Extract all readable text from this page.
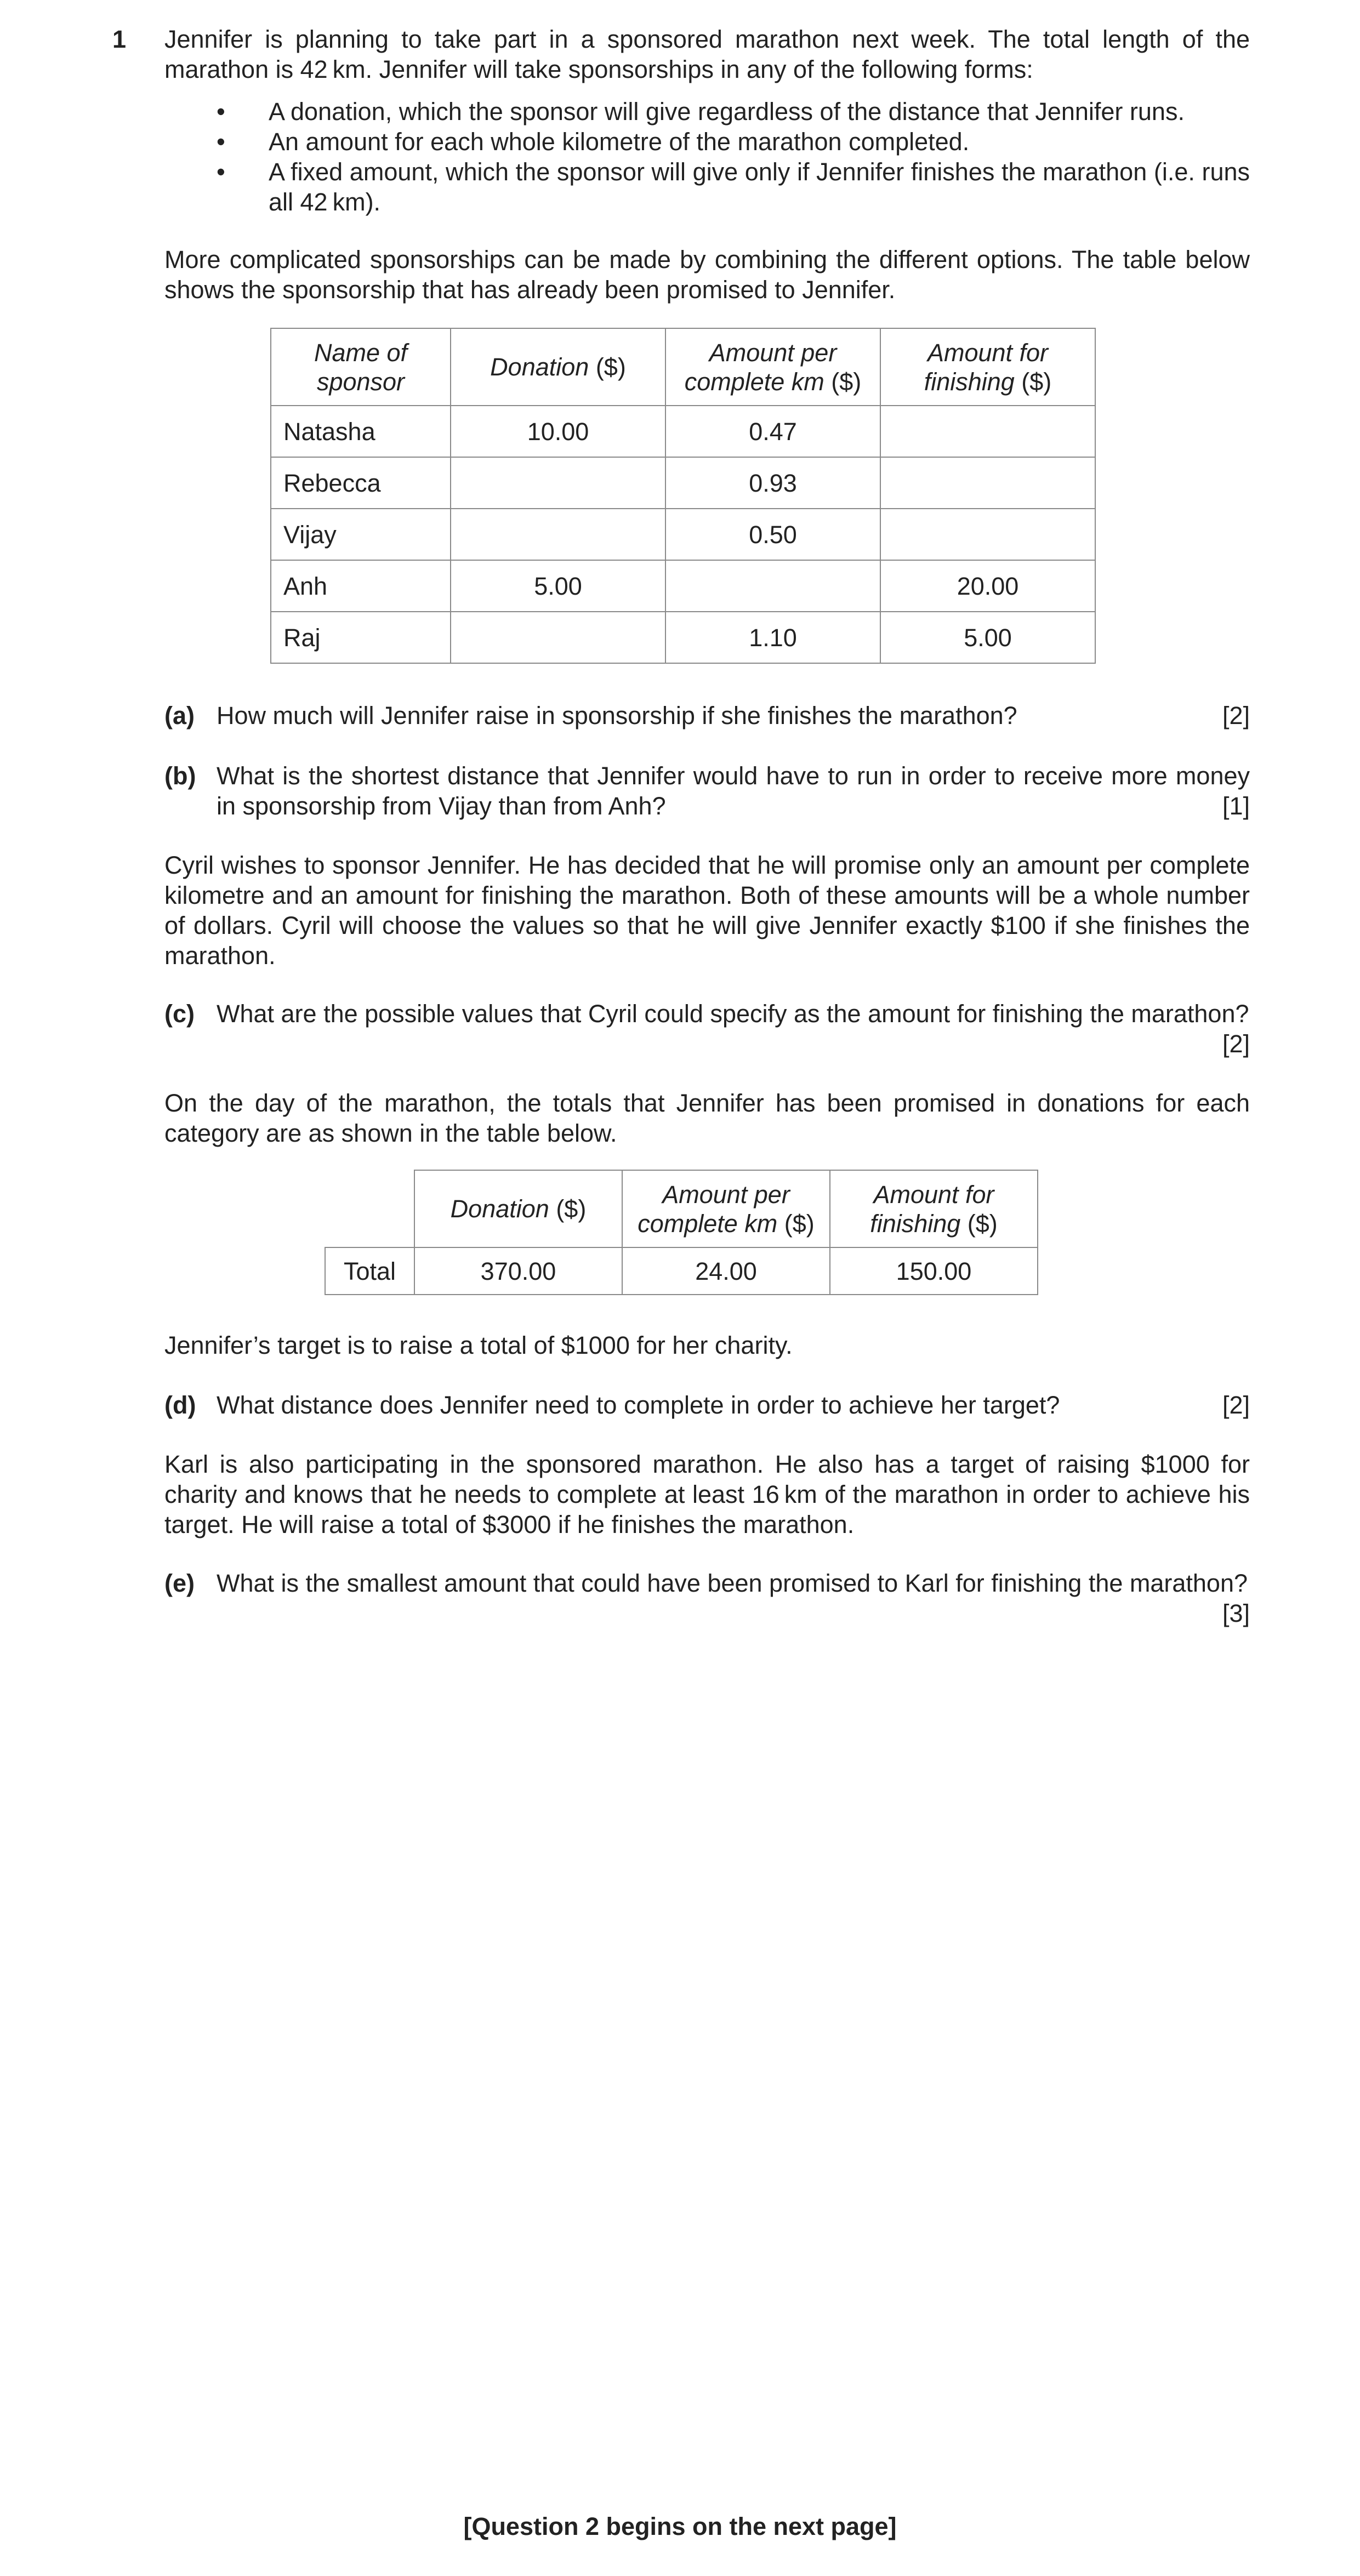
1 Jennifer is planning to take part in a sponsored marathon next week. The total length of the marathon is 42 km. Jennifer will take sponsorships in any of the following forms:

• A donation, which the sponsor will give regardless of the distance that Jennifer runs.
• An amount for each whole kilometre of the marathon completed.
• A fixed amount, which the sponsor will give only if Jennifer finishes the marathon (i.e. runs all 42 km).

More complicated sponsorships can be made by combining the different options. The table below shows the sponsorship that has already been promised to Jennifer.

Name of
sponsor	Donation ($)	Amount per
complete km ($)	Amount for
finishing ($)
Natasha	10.00	0.47	
Rebecca		0.93	
Vijay		0.50	
Anh	5.00		20.00
Raj		1.10	5.00
(a)	[2]
How much will Jennifer raise in sponsorship if she finishes the marathon?
(b) What is the shortest distance that Jennifer would have to run in order to receive more money in sponsorship from Vijay than from Anh?	[1]

Cyril wishes to sponsor Jennifer. He has decided that he will promise only an amount per complete kilometre and an amount for finishing the marathon. Both of these amounts will be a whole number of dollars. Cyril will choose the values so that he will give Jennifer exactly $100 if she finishes the marathon.

(c) What are the possible values that Cyril could specify as the amount for finishing the marathon?
[2]

On the day of the marathon, the totals that Jennifer has been promised in donations for each category are as shown in the table below.

	Donation ($)	Amount per
complete km ($)	Amount for
finishing ($)
Total	370.00	24.00	150.00

Jennifer’s target is to raise a total of $1000 for her charity.

(d)	[2]
What distance does Jennifer need to complete in order to achieve her target?

Karl is also participating in the sponsored marathon. He also has a target of raising $1000 for charity and knows that he needs to complete at least 16 km of the marathon in order to achieve his target. He will raise a total of $3000 if he finishes the marathon.

(e) What is the smallest amount that could have been promised to Karl for finishing the marathon?
[3]
[Question 2 begins on the next page]
